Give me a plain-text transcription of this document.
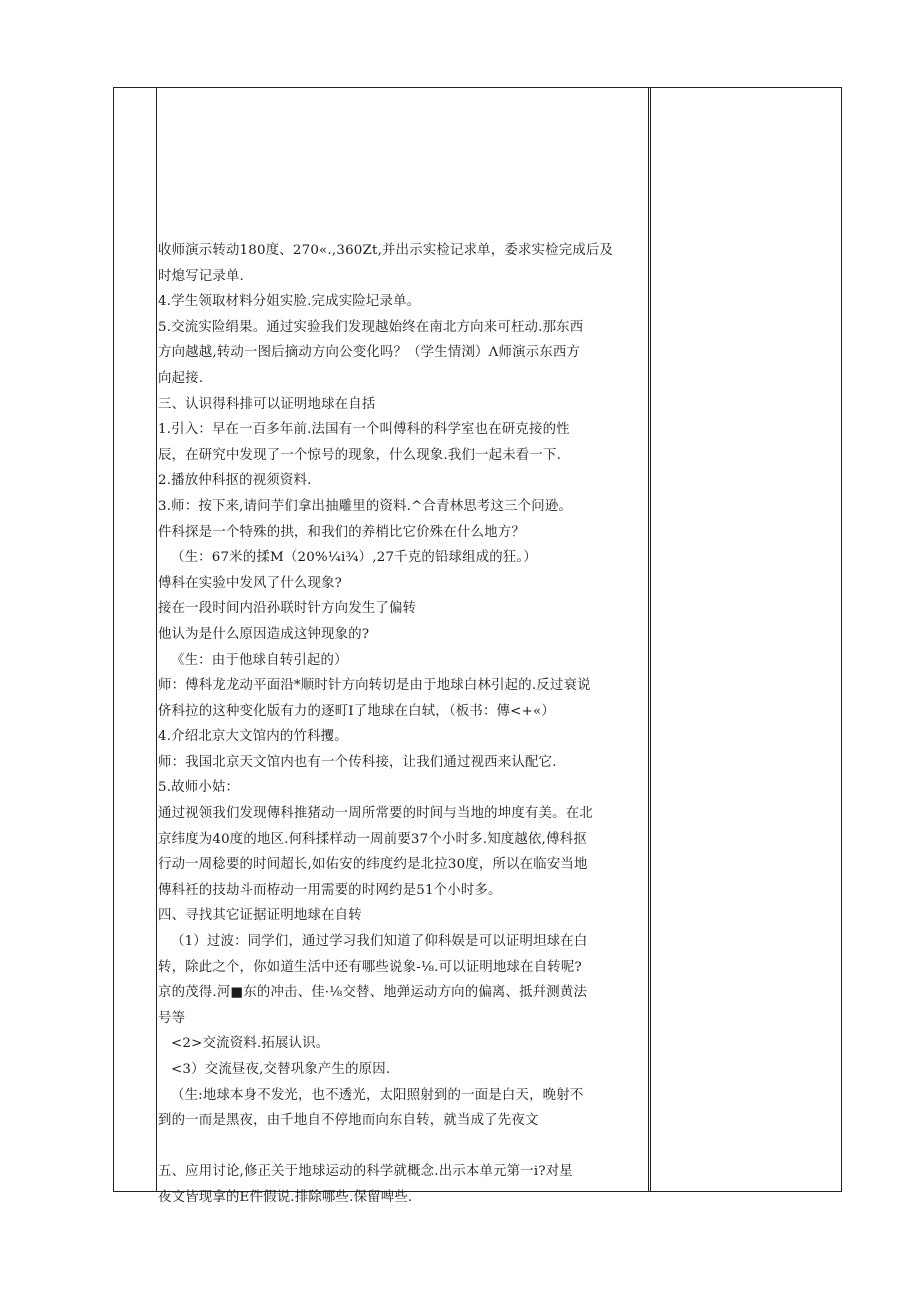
收师演示转动180度、270«.,360Zt,并出示实检记求单，委求实检完成后及

时熄写记录单.

4.学生领取材料分姐实脸.完成实险圮录单。

5.交流实险绢果。通过实验我们发现越始终在南北方向来可枉动.那东西

方向越越,转动一图后摘动方向公变化吗？（学生情浏）Λ师演示东西方

向起接.

三、认识得科排可以证明地球在自括

1.引入：早在一百多年前.法国有一个叫傅科的科学室也在研克接的性

辰，在研究中发现了一个惊号的现象，什么现象.我们一起未看一下.

2.播放仲科抠的视须资料.

3.师：按下来,请问芋们拿出抽雕里的资料.^合青林思考这三个问逊。

件科探是一个特殊的拱，和我们的养梢比它价殊在什么地方？

（生：67米的揉M（20%¼i¾）,27千克的铅球组成的狂。）

傅科在实验中发风了什么现象?

接在一段时间内沿孙联时针方向发生了偏转

他认为是什么原因造成这钟现象的?

《生：由于他球自转引起的）

师：傅科龙龙动平面沿*顺时针方向转切是由于地球白林引起的.反过衰说

侪科拉的这种变化版有力的逐町Ι了地球在白轼，（板书：傳<+«）

4.介绍北京大文馆内的竹科攫。

师：我国北京天文馆内也有一个传科接，让我们通过视西来认配它.

5.故师小姑：

通过视领我们发现傳科推猪动一周所常要的时间与当地的坤度有美。在北

京纬度为40度的地区.何科揉样动一周前要37个小时多.知度越依,傅科抠

行动一周稔要的时间超长,如佑安的纬度约是北拉30度，所以在临安当地

傳科衽的技劫斗而栫动一用需要的时网约是51个小时多。

四、寻找其它证据证明地球在自转

（1）过波：同学们，通过学习我们知道了仰科娱是可以证明坦球在白

转，除此之个，你如道生活中还有哪些说象-⅛.可以证明地球在自转呢?

京的茂得.河■东的冲击、佳·⅛交替、地弹运动方向的偏离、抵幷测黄法

号等

<2>交流资料.拓展认识。

<3）交流昼夜,交替巩象产生的原因.

（生:地球本身不发光，也不透光，太阳照射到的一面是白天，晚射不

到的一而是黑夜，由千地自不停地而向东自转，就当成了先夜文

五、应用讨论,修正关于地球运动的科学就概念.出示本单元第一i?对星

夜文皆现拿的E件假说.排除哪些.保留啤些.
